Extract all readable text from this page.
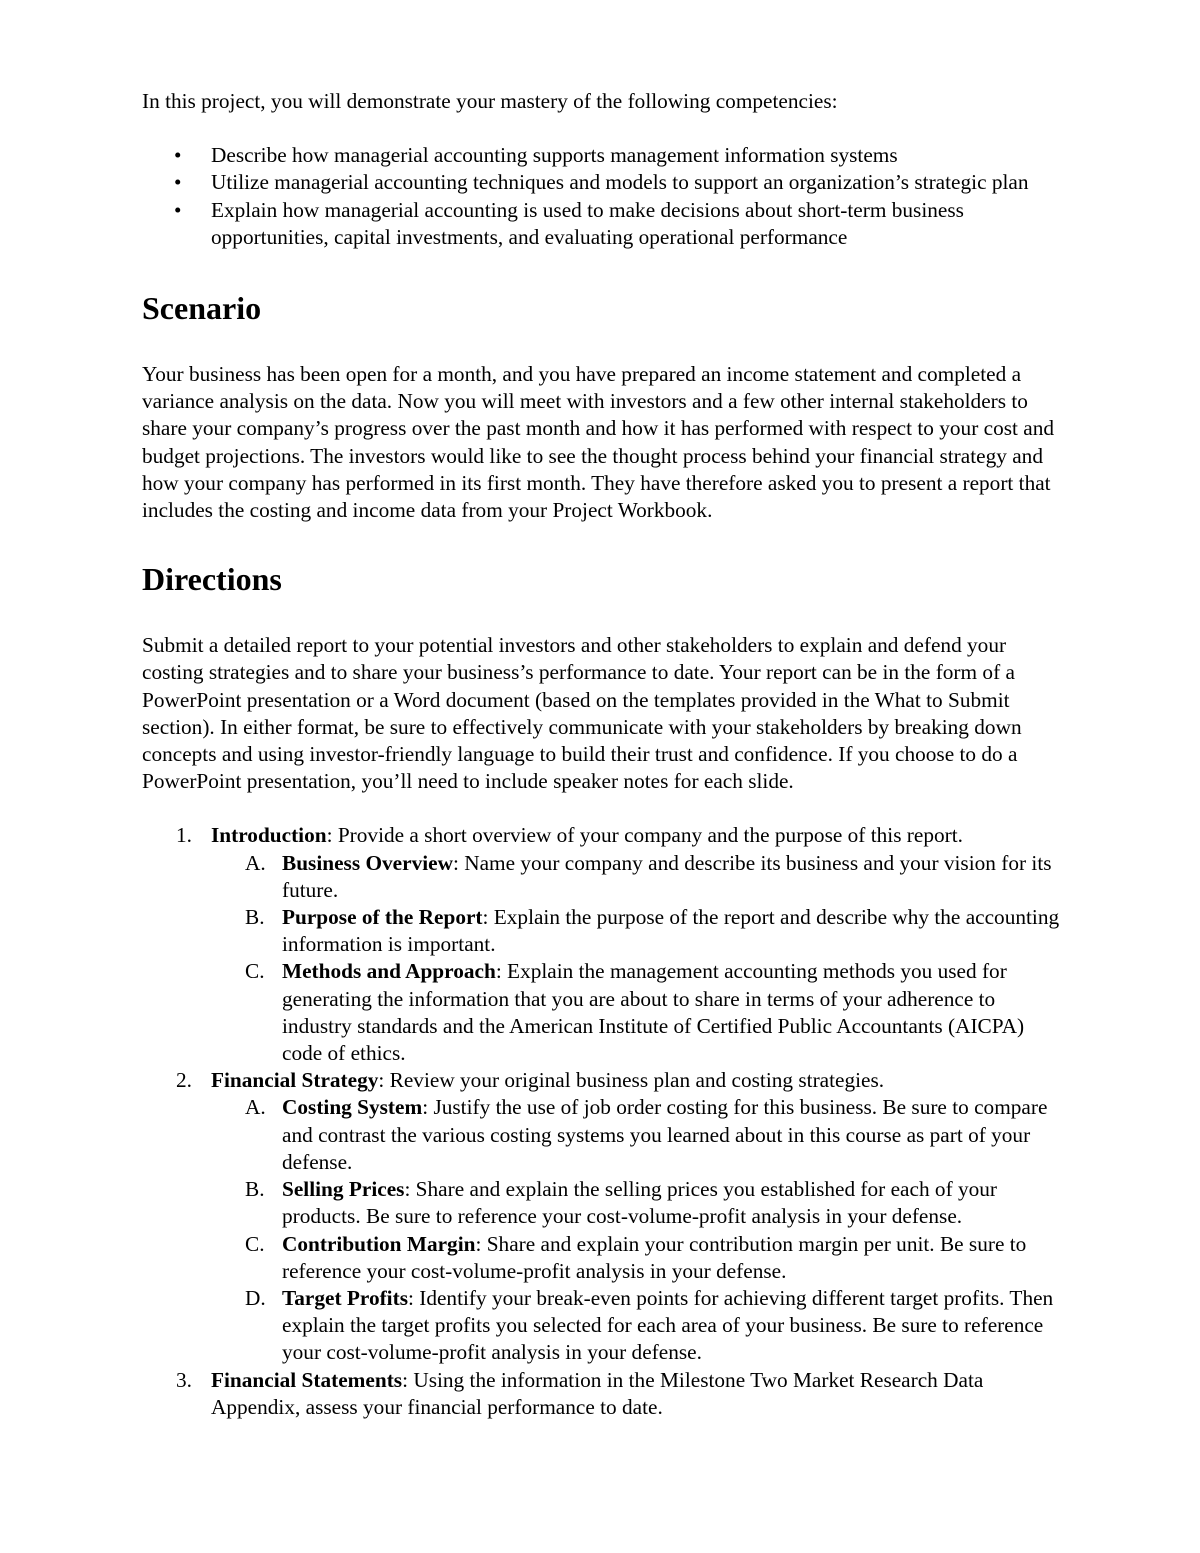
In this project, you will demonstrate your mastery of the following competencies:

• Describe how managerial accounting supports management information systems
• Utilize managerial accounting techniques and models to support an organization’s strategic plan
• Explain how managerial accounting is used to make decisions about short-term business opportunities, capital investments, and evaluating operational performance
Scenario

Your business has been open for a month, and you have prepared an income statement and completed a variance analysis on the data. Now you will meet with investors and a few other internal stakeholders to share your company’s progress over the past month and how it has performed with respect to your cost and budget projections. The investors would like to see the thought process behind your financial strategy and how your company has performed in its first month. They have therefore asked you to present a report that includes the costing and income data from your Project Workbook.

Directions

Submit a detailed report to your potential investors and other stakeholders to explain and defend your costing strategies and to share your business’s performance to date. Your report can be in the form of a PowerPoint presentation or a Word document (based on the templates provided in the What to Submit section). In either format, be sure to effectively communicate with your stakeholders by breaking down concepts and using investor-friendly language to build their trust and confidence. If you choose to do a PowerPoint presentation, you’ll need to include speaker notes for each slide.

1. Introduction: Provide a short overview of your company and the purpose of this report.
A. Business Overview: Name your company and describe its business and your vision for its future.
B. Purpose of the Report: Explain the purpose of the report and describe why the accounting information is important.
C. Methods and Approach: Explain the management accounting methods you used for generating the information that you are about to share in terms of your adherence to industry standards and the American Institute of Certified Public Accountants (AICPA) code of ethics.
2. Financial Strategy: Review your original business plan and costing strategies.
A. Costing System: Justify the use of job order costing for this business. Be sure to compare and contrast the various costing systems you learned about in this course as part of your defense.
B. Selling Prices: Share and explain the selling prices you established for each of your products. Be sure to reference your cost-volume-profit analysis in your defense.
C. Contribution Margin: Share and explain your contribution margin per unit. Be sure to reference your cost-volume-profit analysis in your defense.
D. Target Profits: Identify your break-even points for achieving different target profits. Then explain the target profits you selected for each area of your business. Be sure to reference your cost-volume-profit analysis in your defense.
3. Financial Statements: Using the information in the Milestone Two Market Research Data Appendix, assess your financial performance to date.
